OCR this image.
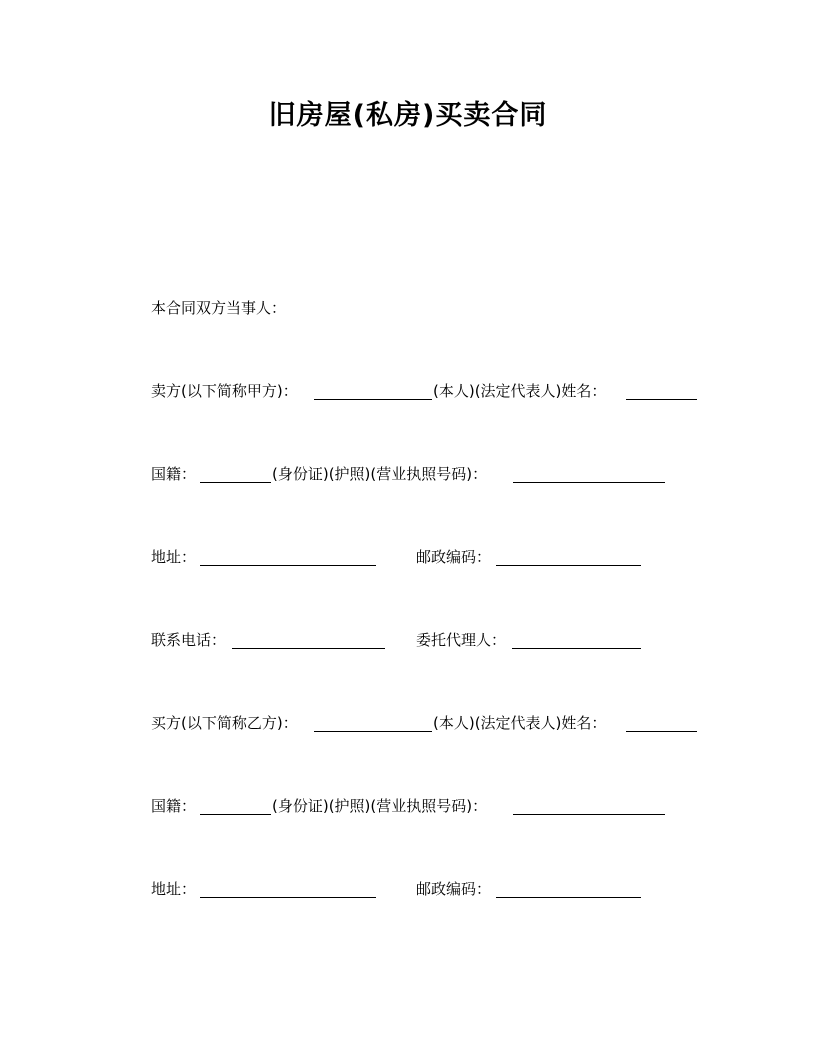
旧房屋(私房)买卖合同
本合同双方当事人：
卖方(以下简称甲方)：	(本人)(法定代表人)姓名：
国籍：	(身份证)(护照)(营业执照号码)：
地址：	邮政编码：
联系电话：	委托代理人：
买方(以下简称乙方)：	(本人)(法定代表人)姓名：
国籍：	(身份证)(护照)(营业执照号码)：
地址：	邮政编码：
